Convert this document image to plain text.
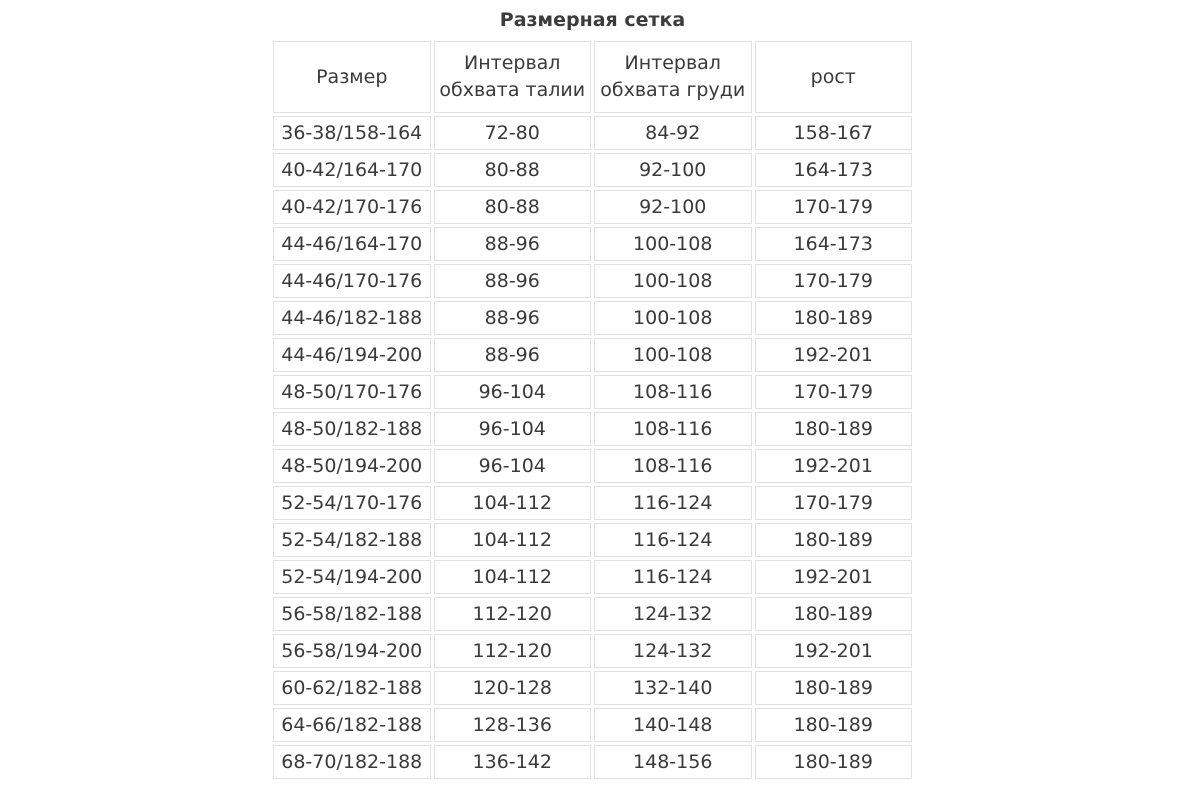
Размерная сетка
Размер	Интервал обхвата талии	Интервал обхвата груди	рост
36-38/158-164	72-80	84-92	158-167
40-42/164-170	80-88	92-100	164-173
40-42/170-176	80-88	92-100	170-179
44-46/164-170	88-96	100-108	164-173
44-46/170-176	88-96	100-108	170-179
44-46/182-188	88-96	100-108	180-189
44-46/194-200	88-96	100-108	192-201
48-50/170-176	96-104	108-116	170-179
48-50/182-188	96-104	108-116	180-189
48-50/194-200	96-104	108-116	192-201
52-54/170-176	104-112	116-124	170-179
52-54/182-188	104-112	116-124	180-189
52-54/194-200	104-112	116-124	192-201
56-58/182-188	112-120	124-132	180-189
56-58/194-200	112-120	124-132	192-201
60-62/182-188	120-128	132-140	180-189
64-66/182-188	128-136	140-148	180-189
68-70/182-188	136-142	148-156	180-189
